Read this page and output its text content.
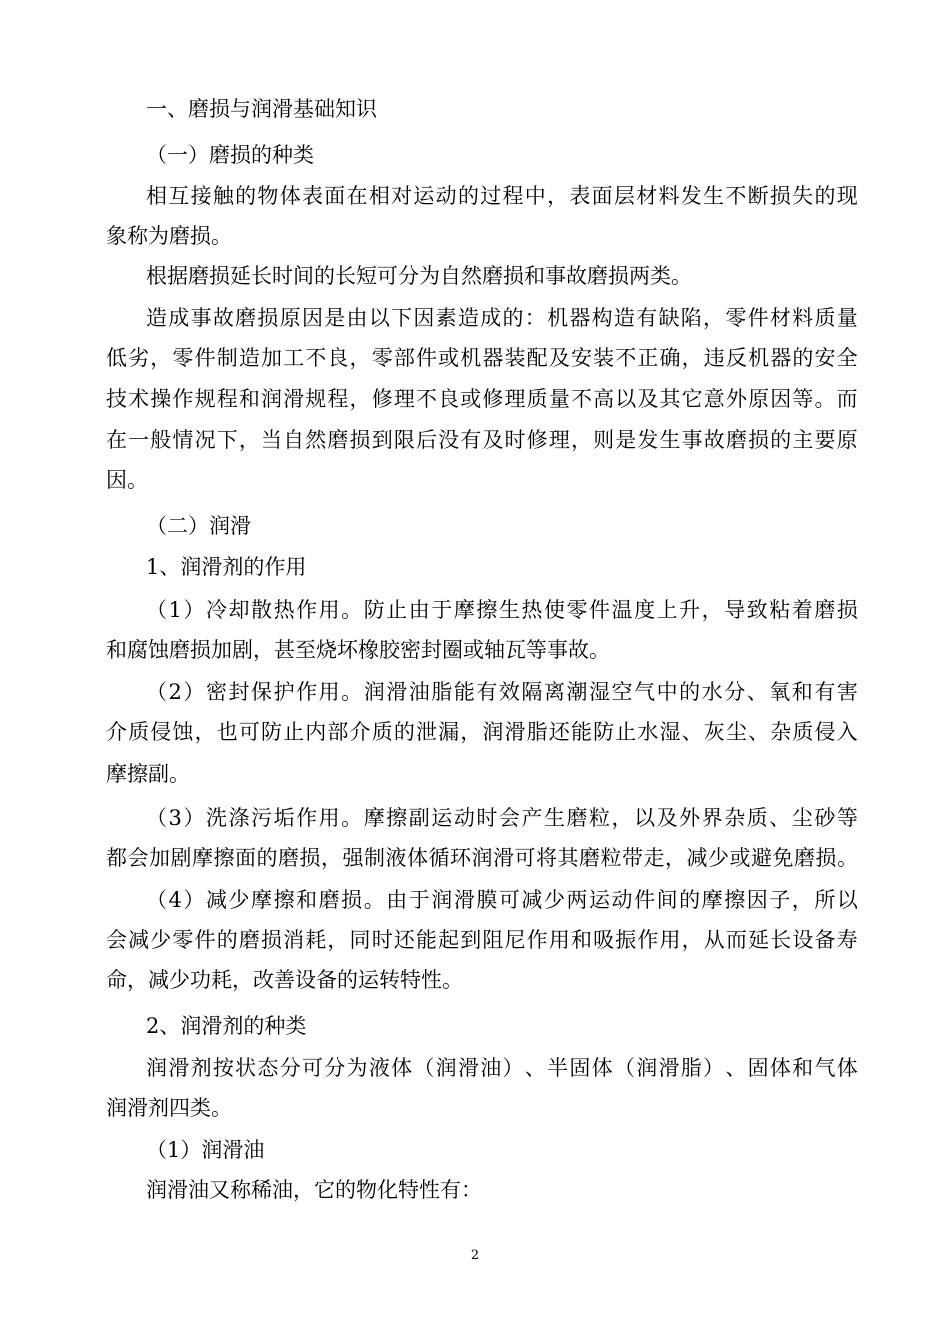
一、磨损与润滑基础知识
（一）磨损的种类
相 互 接 触 的 物 体 表 面 在 相 对 运 动 的 过 程 中 ， 表 面 层 材 料 发 生 不 断 损 失 的 现
象称为磨损。
根据磨损延长时间的长短可分为自然磨损和事故磨损两类。
造 成 事 故 磨 损 原 因 是 由 以 下 因 素 造 成 的 ： 机 器 构 造 有 缺 陷 ， 零 件 材 料 质 量
低 劣 ， 零 件 制 造 加 工 不 良 ， 零 部 件 或 机 器 装 配 及 安 装 不 正 确 ， 违 反 机 器 的 安 全
技 术 操 作 规 程 和 润 滑 规 程 ， 修 理 不 良 或 修 理 质 量 不 高 以 及 其 它 意 外 原 因 等 。 而
在 一 般 情 况 下 ， 当 自 然 磨 损 到 限 后 没 有 及 时 修 理 ， 则 是 发 生 事 故 磨 损 的 主 要 原
因。
（二）润滑
1、润滑剂的作用
（ 1 ） 冷 却 散 热 作 用 。 防 止 由 于 摩 擦 生 热 使 零 件 温 度 上 升 ， 导 致 粘 着 磨 损
和腐蚀磨损加剧，甚至烧坏橡胶密封圈或轴瓦等事故。
（ 2 ） 密 封 保 护 作 用 。 润 滑 油 脂 能 有 效 隔 离 潮 湿 空 气 中 的 水 分 、 氧 和 有 害
介 质 侵 蚀 ， 也 可 防 止 内 部 介 质 的 泄 漏 ， 润 滑 脂 还 能 防 止 水 湿 、 灰 尘 、 杂 质 侵 入
摩擦副。
（ 3 ） 洗 涤 污 垢 作 用 。 摩 擦 副 运 动 时 会 产 生 磨 粒 ， 以 及 外 界 杂 质 、 尘 砂 等
都 会 加 剧 摩 擦 面 的 磨 损 ， 强 制 液 体 循 环 润 滑 可 将 其 磨 粒 带 走 ， 减 少 或 避 免 磨 损 。
（ 4 ） 减 少 摩 擦 和 磨 损 。 由 于 润 滑 膜 可 减 少 两 运 动 件 间 的 摩 擦 因 子 ， 所 以
会 减 少 零 件 的 磨 损 消 耗 ， 同 时 还 能 起 到 阻 尼 作 用 和 吸 振 作 用 ， 从 而 延 长 设 备 寿
命，减少功耗，改善设备的运转特性。
2、润滑剂的种类
润 滑 剂 按 状 态 分 可 分 为 液 体 （ 润 滑 油 ） 、 半 固 体 （ 润 滑 脂 ） 、 固 体 和 气 体
润滑剂四类。
（1）润滑油
润滑油又称稀油，它的物化特性有：
2
